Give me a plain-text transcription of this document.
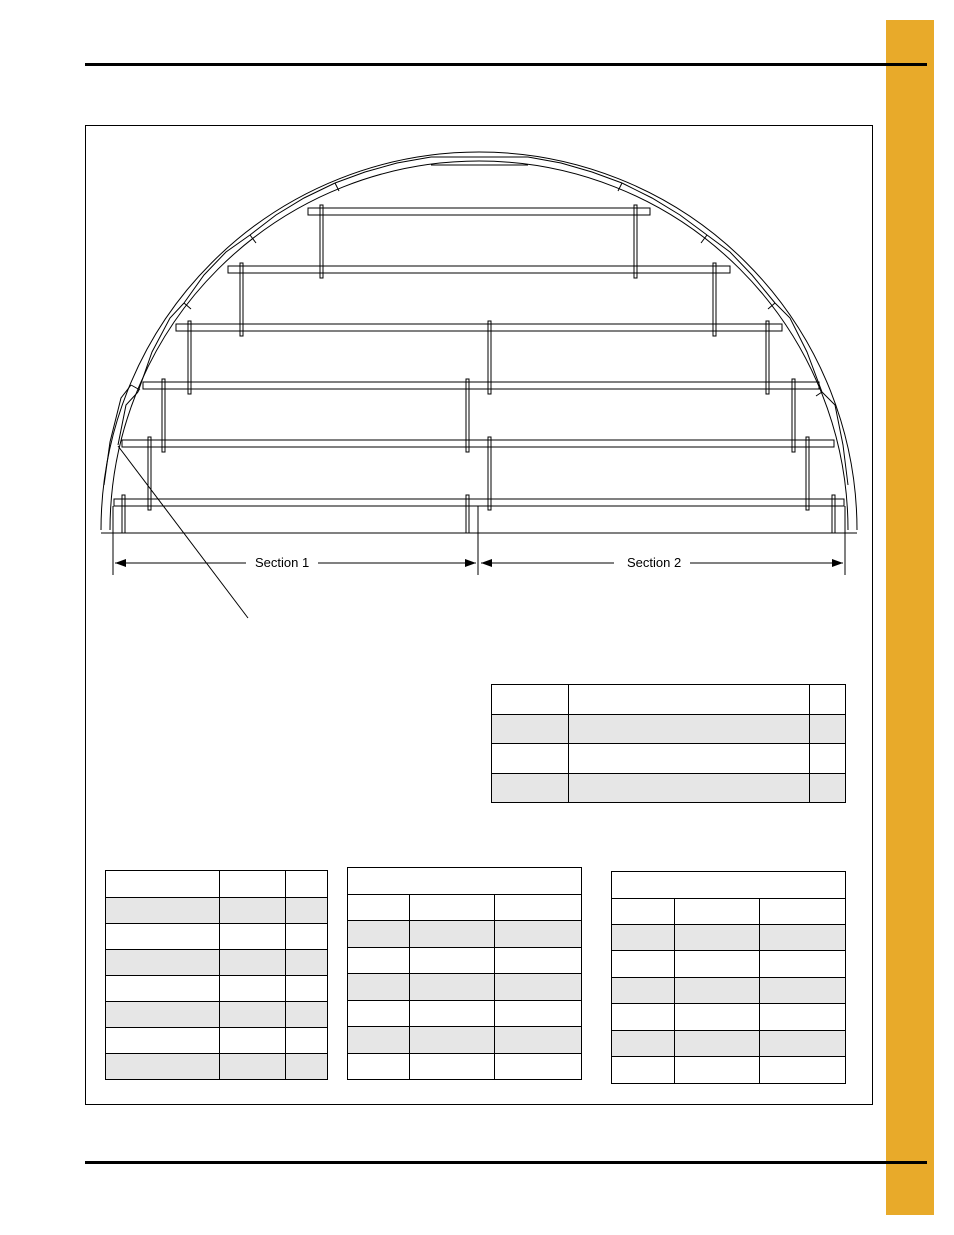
Section 1	Section 2
